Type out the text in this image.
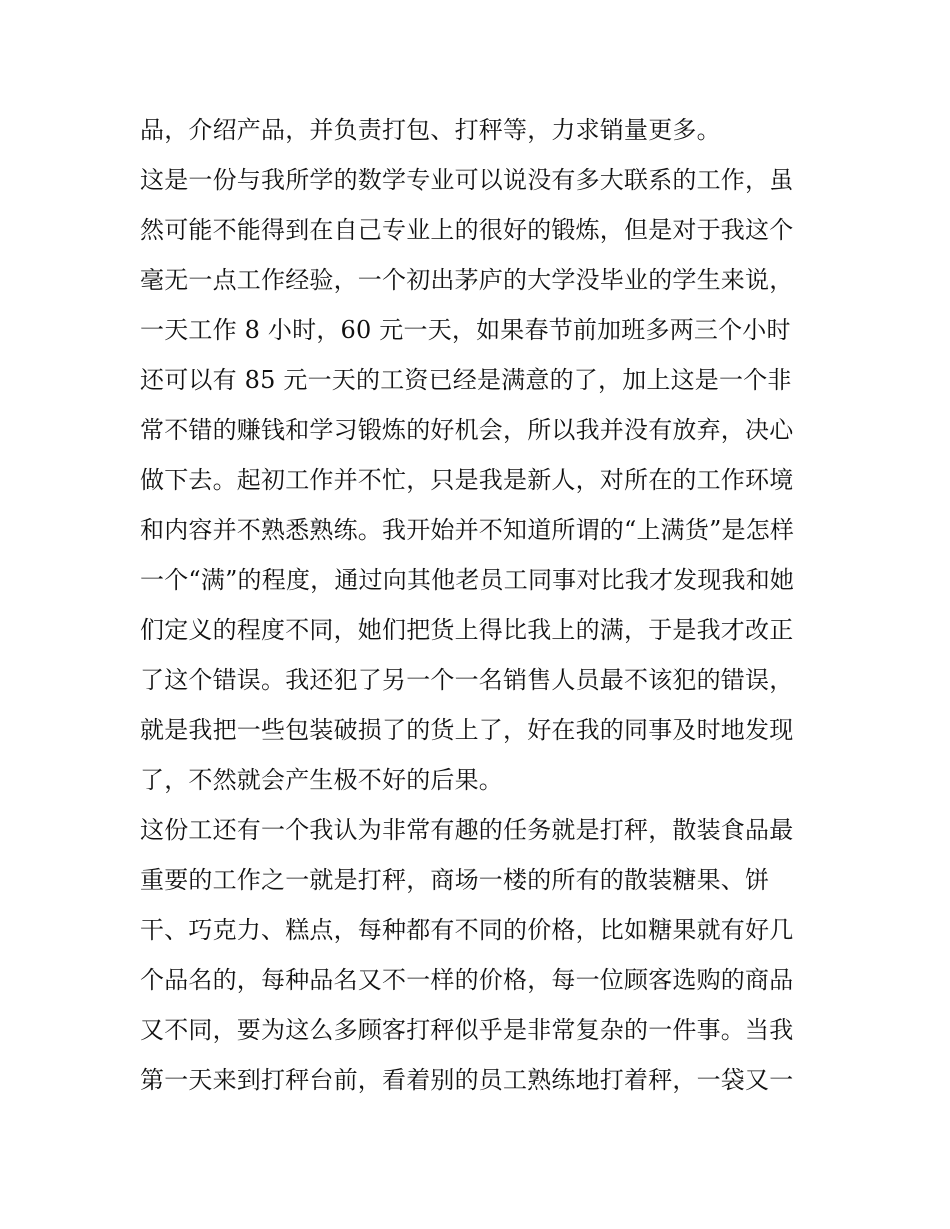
品，介绍产品，并负责打包、打秤等，力求销量更多。
这是一份与我所学的数学专业可以说没有多大联系的工作，虽
然可能不能得到在自己专业上的很好的锻炼，但是对于我这个
毫无一点工作经验，一个初出茅庐的大学没毕业的学生来说，
一天工作 8 小时，60 元一天，如果春节前加班多两三个小时
还可以有 85 元一天的工资已经是满意的了，加上这是一个非
常不错的赚钱和学习锻炼的好机会，所以我并没有放弃，决心
做下去。起初工作并不忙，只是我是新人，对所在的工作环境
和内容并不熟悉熟练。我开始并不知道所谓的“上满货”是怎样
一个“满”的程度，通过向其他老员工同事对比我才发现我和她
们定义的程度不同，她们把货上得比我上的满，于是我才改正
了这个错误。我还犯了另一个一名销售人员最不该犯的错误，
就是我把一些包装破损了的货上了，好在我的同事及时地发现
了，不然就会产生极不好的后果。
这份工还有一个我认为非常有趣的任务就是打秤，散装食品最
重要的工作之一就是打秤，商场一楼的所有的散装糖果、饼
干、巧克力、糕点，每种都有不同的价格，比如糖果就有好几
个品名的，每种品名又不一样的价格，每一位顾客选购的商品
又不同，要为这么多顾客打秤似乎是非常复杂的一件事。当我
第一天来到打秤台前，看着别的员工熟练地打着秤，一袋又一
